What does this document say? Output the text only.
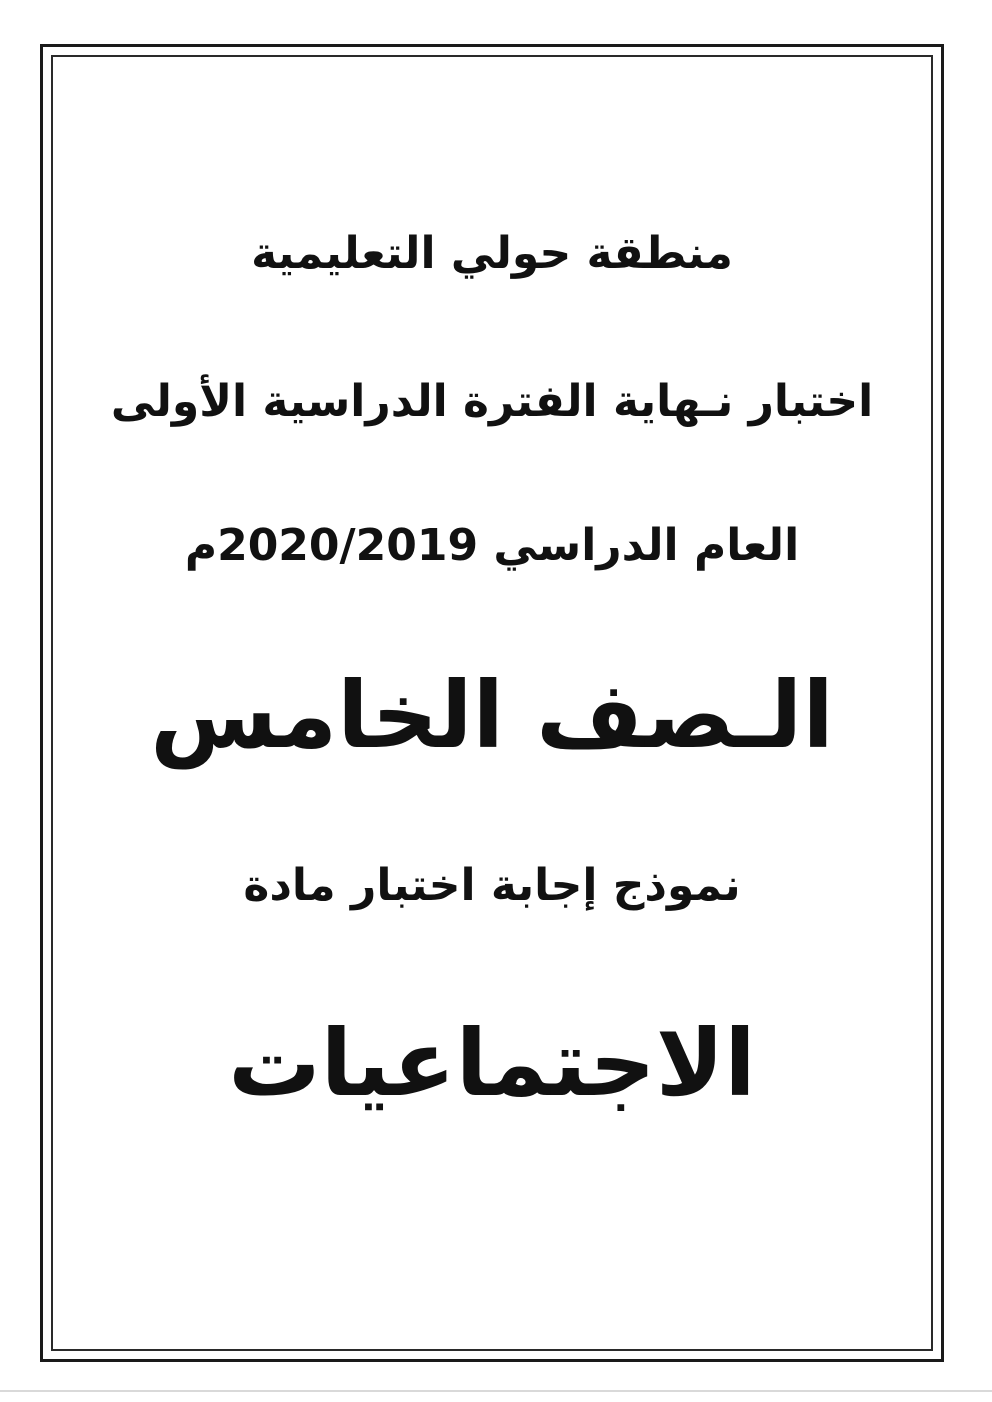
منطقة حولي التعليمية
اختبار نـهاية الفترة الدراسية الأولى
العام الدراسي 2020/2019م
الـصف الخامس
نموذج إجابة اختبار مادة
الاجتماعيات
